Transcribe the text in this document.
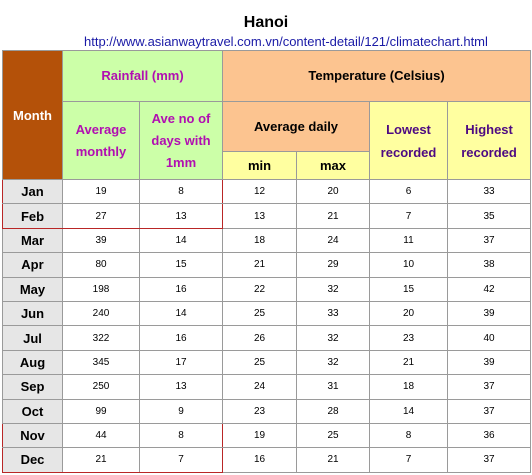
Hanoi
http://www.asianwaytravel.com.vn/content-detail/121/climatechart.html
Month	Rainfall (mm)		Temperature (Celsius)			
	Average monthly	Ave no of days with 1mm	Average daily		Lowest recorded	Highest recorded
			min	max		
Jan	19	8	12	20	6	33
Feb	27	13	13	21	7	35
Mar	39	14	18	24	11	37
Apr	80	15	21	29	10	38
May	198	16	22	32	15	42
Jun	240	14	25	33	20	39
Jul	322	16	26	32	23	40
Aug	345	17	25	32	21	39
Sep	250	13	24	31	18	37
Oct	99	9	23	28	14	37
Nov	44	8	19	25	8	36
Dec	21	7	16	21	7	37
